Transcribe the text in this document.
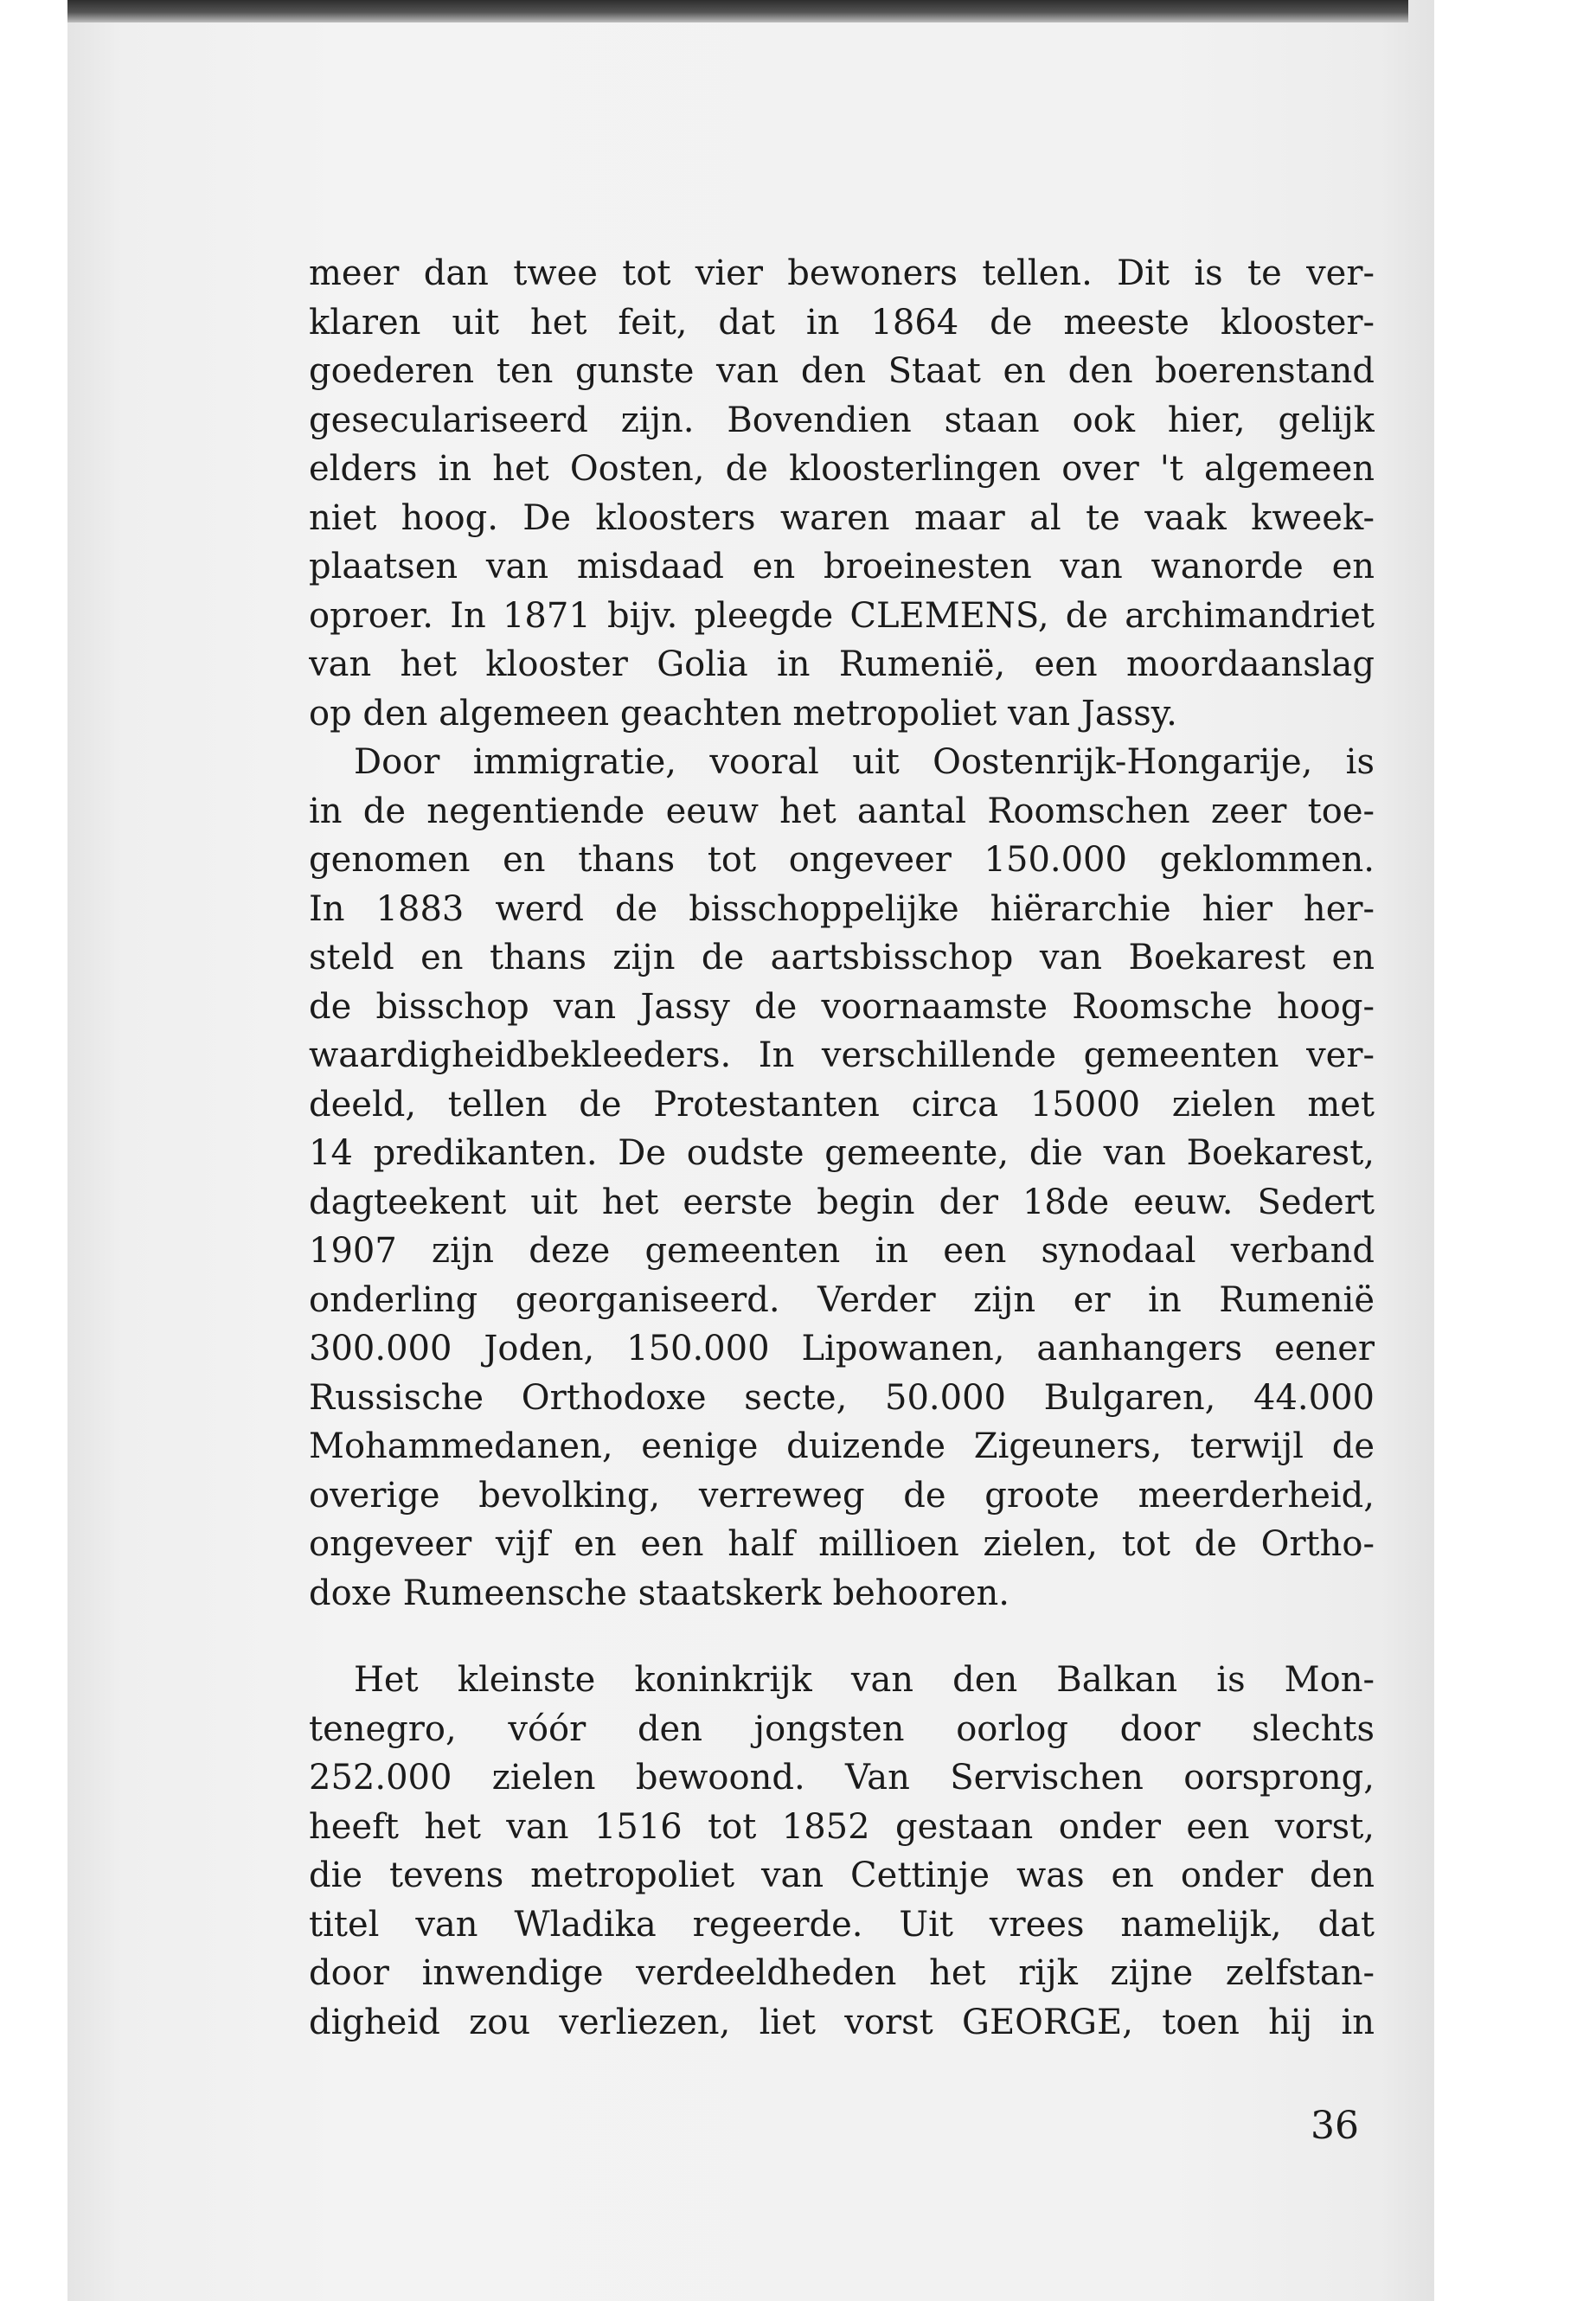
meer dan twee tot vier bewoners tellen. Dit is te ver-
klaren uit het feit, dat in 1864 de meeste klooster-
goederen ten gunste van den Staat en den boerenstand
geseculariseerd zijn. Bovendien staan ook hier, gelijk
elders in het Oosten, de kloosterlingen over 't algemeen
niet hoog. De kloosters waren maar al te vaak kweek-
plaatsen van misdaad en broeinesten van wanorde en
oproer. In 1871 bijv. pleegde CLEMENS, de archimandriet
van het klooster Golia in Rumenië, een moordaanslag
op den algemeen geachten metropoliet van Jassy.
Door immigratie, vooral uit Oostenrijk-Hongarije, is
in de negentiende eeuw het aantal Roomschen zeer toe-
genomen en thans tot ongeveer 150.000 geklommen.
In 1883 werd de bisschoppelijke hiërarchie hier her-
steld en thans zijn de aartsbisschop van Boekarest en
de bisschop van Jassy de voornaamste Roomsche hoog-
waardigheidbekleeders. In verschillende gemeenten ver-
deeld, tellen de Protestanten circa 15000 zielen met
14 predikanten. De oudste gemeente, die van Boekarest,
dagteekent uit het eerste begin der 18de eeuw. Sedert
1907 zijn deze gemeenten in een synodaal verband
onderling georganiseerd. Verder zijn er in Rumenië
300.000 Joden, 150.000 Lipowanen, aanhangers eener
Russische Orthodoxe secte, 50.000 Bulgaren, 44.000
Mohammedanen, eenige duizende Zigeuners, terwijl de
overige bevolking, verreweg de groote meerderheid,
ongeveer vijf en een half millioen zielen, tot de Ortho-
doxe Rumeensche staatskerk behooren.
Het kleinste koninkrijk van den Balkan is Mon-
tenegro, vóór den jongsten oorlog door slechts
252.000 zielen bewoond. Van Servischen oorsprong,
heeft het van 1516 tot 1852 gestaan onder een vorst,
die tevens metropoliet van Cettinje was en onder den
titel van Wladika regeerde. Uit vrees namelijk, dat
door inwendige verdeeldheden het rijk zijne zelfstan-
digheid zou verliezen, liet vorst GEORGE, toen hij in
36
